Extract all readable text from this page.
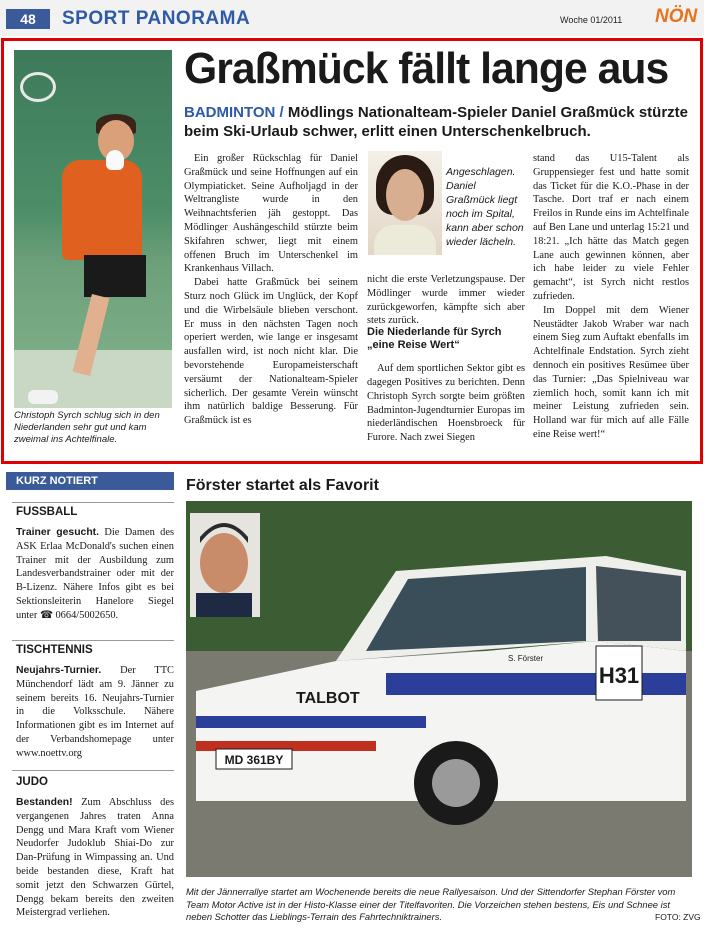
48	SPORT PANORAMA	Woche 01/2011 NÖN
Christoph Syrch schlug sich in den Niederlanden sehr gut und kam zweimal ins Achtelfinale.
Graßmück fällt lange aus
BADMINTON / Mödlings Nationalteam-Spieler Daniel Graßmück stürzte beim Ski-Urlaub schwer, erlitt einen Unterschenkelbruch.

Ein großer Rückschlag für Daniel Graßmück und seine Hoffnungen auf ein Olympiaticket. Seine Aufholjagd in der Weltrangliste wurde in den Weihnachtsferien jäh gestoppt. Das Mödlinger Aushängeschild stürzte beim Skifahren schwer, liegt mit einem offenen Bruch im Unterschenkel im Krankenhaus Villach.

Dabei hatte Graßmück bei seinem Sturz noch Glück im Unglück, der Kopf und die Wirbelsäule blieben verschont. Er muss in den nächsten Tagen noch operiert werden, wie lange er insgesamt ausfallen wird, ist noch nicht klar. Die bevorstehende Europameisterschaft versäumt der Nationalteam-Spieler sicherlich. Der gesamte Verein wünscht ihm natürlich baldige Besserung. Für Graßmück ist es

Angeschlagen. Daniel Graßmück liegt noch im Spital, kann aber schon wieder lächeln.

nicht die erste Verletzungspause. Der Mödlinger wurde immer wieder zurückgeworfen, kämpfte sich aber stets zurück.

Auf dem sportlichen Sektor gibt es dagegen Positives zu berichten. Denn Christoph Syrch sorgte beim größten Badminton-Jugendturnier Europas im niederländischen Hoensbroeck für Furore. Nach zwei Siegen

Die Niederlande für Syrch „eine Reise Wert“

stand das U15-Talent als Gruppensieger fest und hatte somit das Ticket für die K.O.-Phase in der Tasche. Dort traf er nach einem Freilos in Runde eins im Achtelfinale auf Ben Lane und unterlag 15:21 und 18:21. „Ich hätte das Match gegen Lane auch gewinnen können, aber ich habe leider zu viele Fehler gemacht“, ist Syrch nicht restlos zufrieden.

Im Doppel mit dem Wiener Neustädter Jakob Wraber war nach einem Sieg zum Auftakt ebenfalls im Achtelfinale Endstation. Syrch zieht dennoch ein positives Resümee über das Turnier: „Das Spielniveau war ziemlich hoch, somit kann ich mit meiner Leistung zufrieden sein. Holland war für mich auf alle Fälle eine Reise wert!“

KURZ NOTIERT
FUSSBALL
Trainer gesucht. Die Damen des ASK Erlaa McDonald's suchen einen Trainer mit der Ausbildung zum Landesverbandstrainer oder mit der B-Lizenz. Nähere Infos gibt es bei Sektionsleiterin Hanelore Siegel unter ☎ 0664/5002650.
TISCHTENNIS
Neujahrs-Turnier. Der TTC Münchendorf lädt am 9. Jänner zu seinem bereits 16. Neujahrs-Turnier in die Volksschule. Nähere Informationen gibt es im Internet auf der Verbandshomepage unter www.noettv.org
JUDO
Bestanden! Zum Abschluss des vergangenen Jahres traten Anna Dengg und Mara Kraft vom Wiener Neudorfer Judoklub Shiai-Do zur Dan-Prüfung in Wimpassing an. Und beide bestanden diese, Kraft hat somit jetzt den Schwarzen Gürtel, Dengg bekam bereits den zweiten Meistergrad verliehen.
Förster startet als Favorit
MD 361BY
TALBOT
H31
S. Förster
Mit der Jännerrallye startet am Wochenende bereits die neue Rallyesaison. Und der Sittendorfer Stephan Förster vom Team Motor Active ist in der Histo-Klasse einer der Titelfavoriten. Die Vorzeichen stehen bestens, Eis und Schnee ist neben Schotter das Lieblings-Terrain des Fahrtechniktrainers.	FOTO: ZVG
